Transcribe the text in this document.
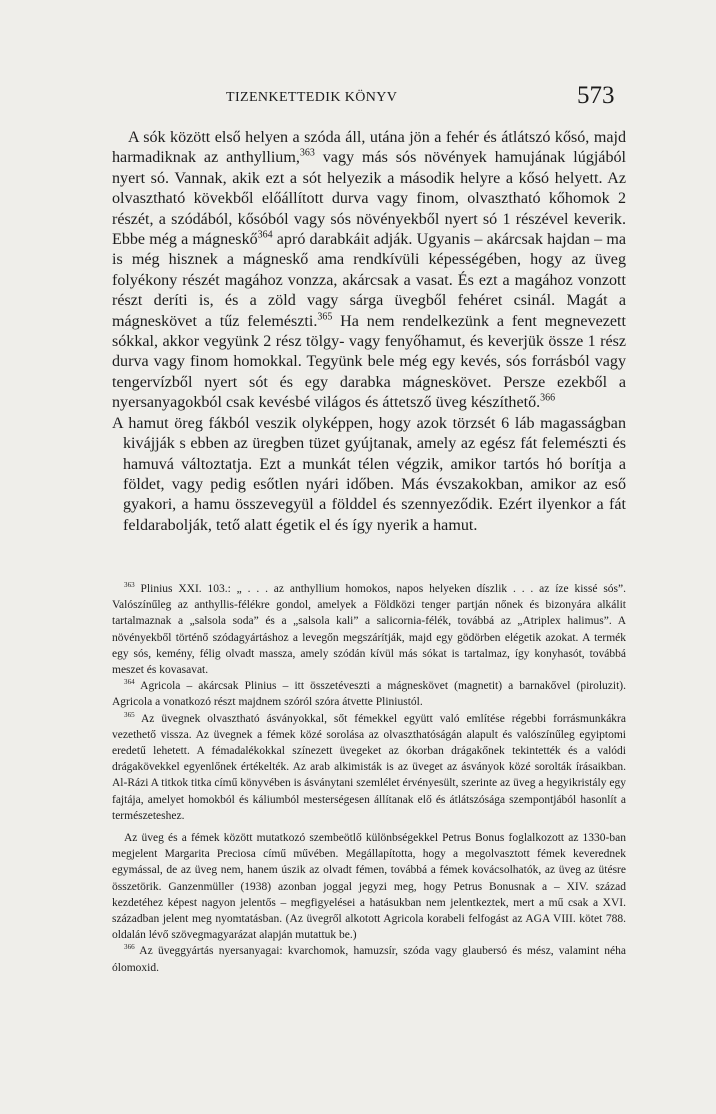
TIZENKETTEDIK KÖNYV	573

A sók között első helyen a szóda áll, utána jön a fehér és átlátszó kősó, majd harmadiknak az anthyllium,$^{363}$ vagy más sós növények hamujának lúgjából nyert só. Vannak, akik ezt a sót helyezik a második helyre a kősó helyett. Az olvasztható kövekből előállított durva vagy finom, olvasztható kőhomok 2 részét, a szódából, kősóból vagy sós növényekből nyert só 1 részével keverik. Ebbe még a mágneskő$^{364}$ apró darabkáit adják. Ugyanis – akárcsak hajdan – ma is még hisznek a mágneskő ama rendkívüli képességében, hogy az üveg folyékony részét magához vonzza, akárcsak a vasat. És ezt a magához vonzott részt deríti is, és a zöld vagy sárga üvegből fehéret csinál. Magát a mágneskövet a tűz felemészti.$^{365}$ Ha nem rendelkezünk a fent megnevezett sókkal, akkor vegyünk 2 rész tölgy- vagy fenyőhamut, és keverjük össze 1 rész durva vagy finom homokkal. Tegyünk bele még egy kevés, sós forrásból vagy tengervízből nyert sót és egy darabka mágneskövet. Persze ezekből a nyersanyagokból csak kevésbé világos és áttetsző üveg készíthető.$^{366}$

A hamut öreg fákból veszik olyképpen, hogy azok törzsét 6 láb magasságban kivájják s ebben az üregben tüzet gyújtanak, amely az egész fát felemészti és hamuvá változtatja. Ezt a munkát télen végzik, amikor tartós hó borítja a földet, vagy pedig esőtlen nyári időben. Más évszakokban, amikor az eső gyakori, a hamu összevegyül a földdel és szennyeződik. Ezért ilyenkor a fát feldarabolják, tető alatt égetik el és így nyerik a hamut.

$^{363}$ Plinius XXI. 103.: „ . . . az anthyllium homokos, napos helyeken díszlik . . . az íze kissé sós”. Valószínűleg az anthyllis-félékre gondol, amelyek a Földközi tenger partján nőnek és bizonyára alkálit tartalmaznak a „salsola soda” és a „salsola kali” a salicornia-félék, továbbá az „Atriplex halimus”. A növényekből történő szódagyártáshoz a levegőn megszárítják, majd egy gödörben elégetik azokat. A termék egy sós, kemény, félig olvadt massza, amely szódán kívül más sókat is tartalmaz, így konyhasót, továbbá meszet és kovasavat.

$^{364}$ Agricola – akárcsak Plinius – itt összetéveszti a mágneskövet (magnetit) a barnakővel (piroluzit). Agricola a vonatkozó részt majdnem szóról szóra átvette Pliniustól.

$^{365}$ Az üvegnek olvasztható ásványokkal, sőt fémekkel együtt való említése régebbi forrásmunkákra vezethető vissza. Az üvegnek a fémek közé sorolása az olvaszthatóságán alapult és valószínűleg egyiptomi eredetű lehetett. A fémadalékokkal színezett üvegeket az ókorban drágakőnek tekintették és a valódi drágakövekkel egyenlőnek értékelték. Az arab alkimisták is az üveget az ásványok közé sorolták írásaikban. Al-Rázi A titkok titka című könyvében is ásványtani szemlélet érvényesült, szerinte az üveg a hegyikristály egy fajtája, amelyet homokból és káliumból mesterségesen állítanak elő és átlátszósága szempontjából hasonlít a természeteshez.

Az üveg és a fémek között mutatkozó szembeötlő különbségekkel Petrus Bonus foglalkozott az 1330-ban megjelent Margarita Preciosa című művében. Megállapította, hogy a megolvasztott fémek keverednek egymással, de az üveg nem, hanem úszik az olvadt fémen, továbbá a fémek kovácsolhatók, az üveg az ütésre összetörik. Ganzenmüller (1938) azonban joggal jegyzi meg, hogy Petrus Bonusnak a – XIV. század kezdetéhez képest nagyon jelentős – megfigyelései a hatásukban nem jelentkeztek, mert a mű csak a XVI. században jelent meg nyomtatásban. (Az üvegről alkotott Agricola korabeli felfogást az AGA VIII. kötet 788. oldalán lévő szövegmagyarázat alapján mutattuk be.)

$^{366}$ Az üveggyártás nyersanyagai: kvarchomok, hamuzsír, szóda vagy glaubersó és mész, valamint néha ólomoxid.
